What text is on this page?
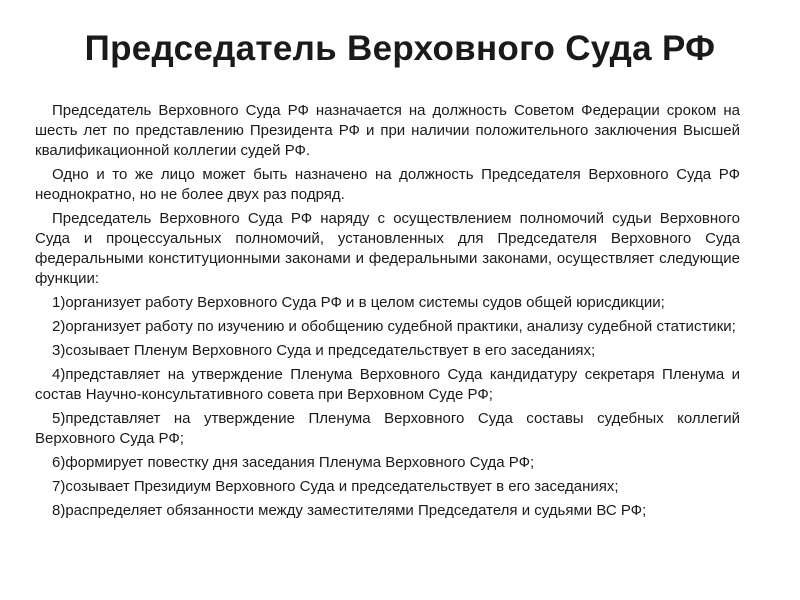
Председатель Верховного Суда РФ

Председатель Верховного Суда РФ назначается на должность Советом Федерации сроком на шесть лет по представлению Президента РФ и при наличии положительного заключения Высшей квалификационной коллегии судей РФ.

Одно и то же лицо может быть назначено на должность Председателя Верховного Суда РФ неоднократно, но не более двух раз подряд.

Председатель Верховного Суда РФ наряду с осуществлением полномочий судьи Верховного Суда и процессуальных полномочий, установленных для Председателя Верховного Суда федеральными конституционными законами и федеральными законами, осуществляет следующие функции:

1)организует работу Верховного Суда РФ и в целом системы судов общей юрисдикции;

2)организует работу по изучению и обобщению судебной практики, анализу судебной статистики;

3)созывает Пленум Верховного Суда и председательствует в его заседаниях;

4)представляет на утверждение Пленума Верховного Суда кандидатуру секретаря Пленума и состав Научно-консультативного совета при Верховном Суде РФ;

5)представляет на утверждение Пленума Верховного Суда составы судебных коллегий Верховного Суда РФ;

6)формирует повестку дня заседания Пленума Верховного Суда РФ;

7)созывает Президиум Верховного Суда и председательствует в его заседаниях;

8)распределяет обязанности между заместителями Председателя и судьями ВС РФ;
